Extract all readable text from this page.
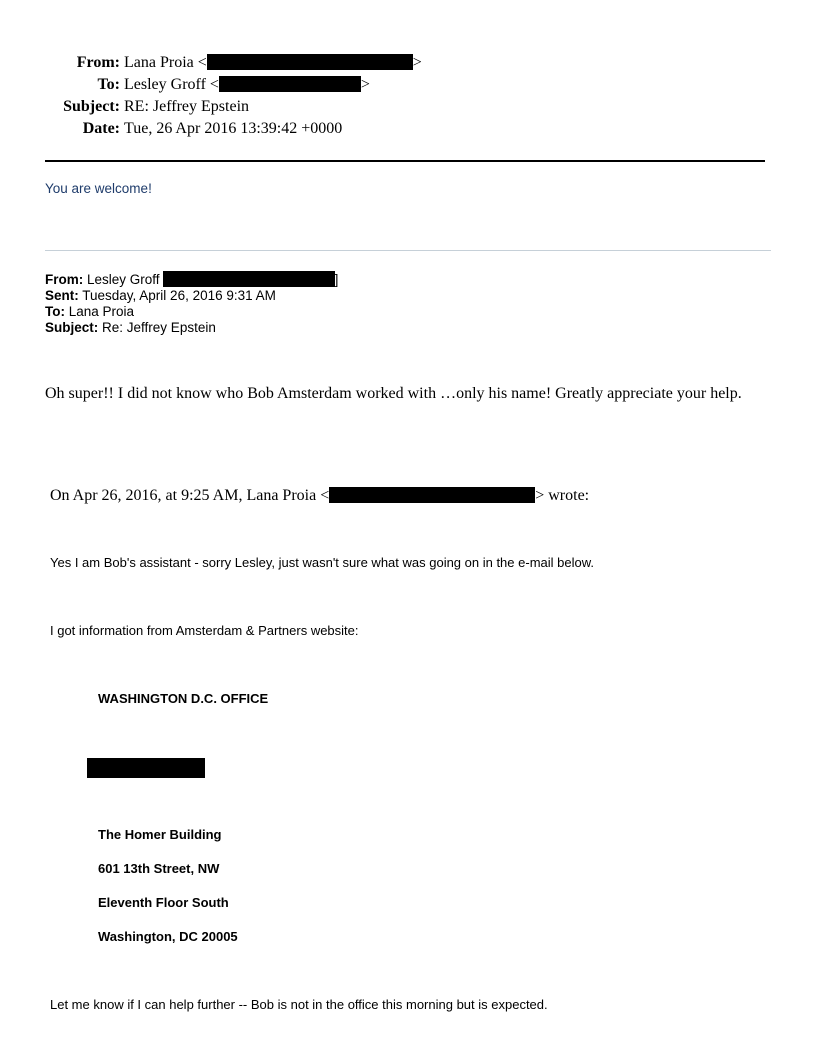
From: Lana Proia <	>
To: Lesley Groff <	>
Subject: RE: Jeffrey Epstein
Date: Tue, 26 Apr 2016 13:39:42 +0000
You are welcome!
From: Lesley Groff	]
Sent: Tuesday, April 26, 2016 9:31 AM
To: Lana Proia
Subject: Re: Jeffrey Epstein
Oh super!! I did not know who Bob Amsterdam worked with …only his name! Greatly appreciate your help.
On Apr 26, 2016, at 9:25 AM, Lana Proia <	> wrote:
Yes I am Bob's assistant - sorry Lesley, just wasn't sure what was going on in the e-mail below.
I got information from Amsterdam & Partners website:
WASHINGTON D.C. OFFICE
The Homer Building
601 13th Street, NW
Eleventh Floor South
Washington, DC 20005
Let me know if I can help further -- Bob is not in the office this morning but is expected.
